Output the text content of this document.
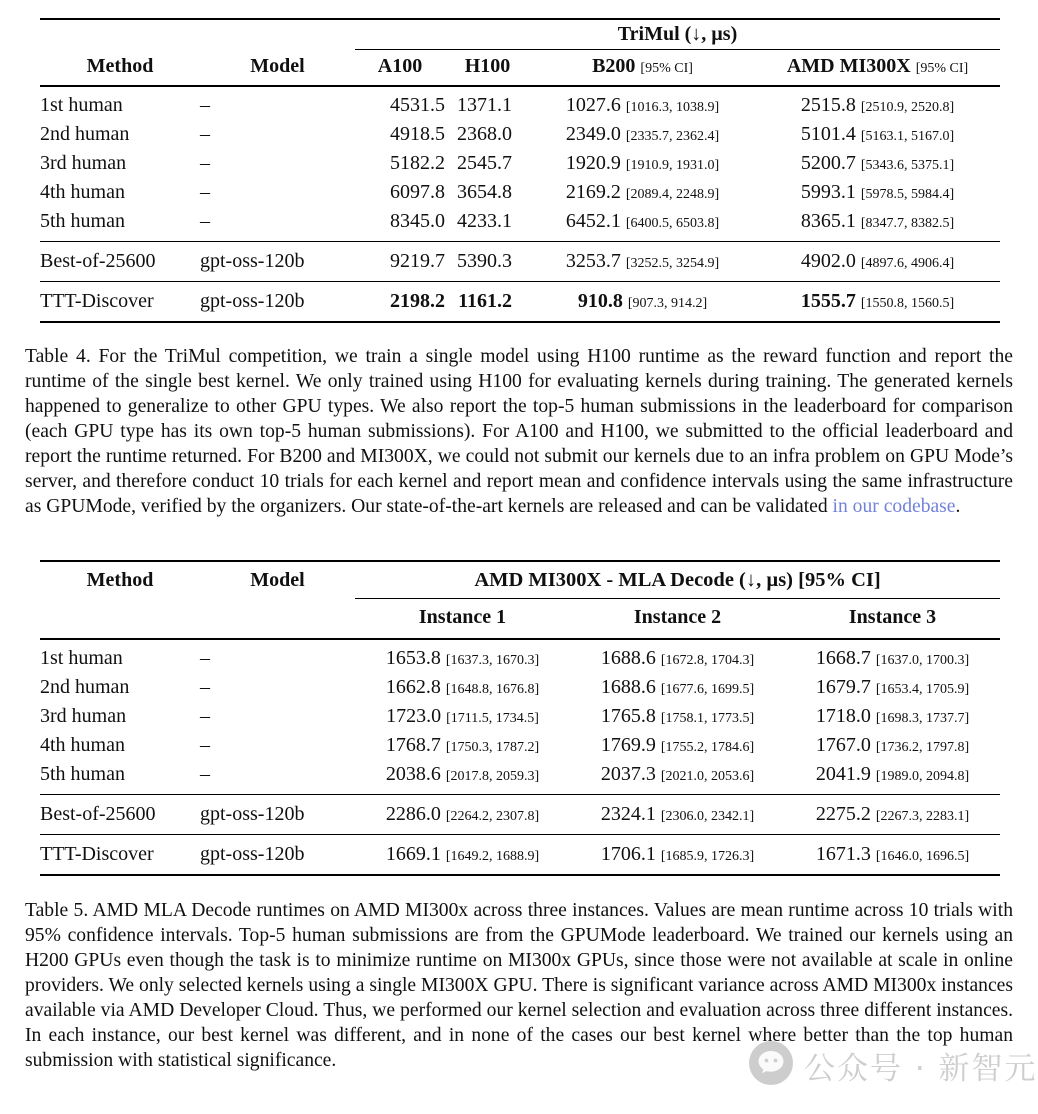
		TriMul (↓, µs)			
Method	Model	A100	H100	B200 [95% CI]	AMD MI300X [95% CI]
1st human	–	4531.5	1371.1	1027.6 [1016.3, 1038.9]	2515.8 [2510.9, 2520.8]
2nd human	–	4918.5	2368.0	2349.0 [2335.7, 2362.4]	5101.4 [5163.1, 5167.0]
3rd human	–	5182.2	2545.7	1920.9 [1910.9, 1931.0]	5200.7 [5343.6, 5375.1]
4th human	–	6097.8	3654.8	2169.2 [2089.4, 2248.9]	5993.1 [5978.5, 5984.4]
5th human	–	8345.0	4233.1	6452.1 [6400.5, 6503.8]	8365.1 [8347.7, 8382.5]
Best-of-25600	gpt-oss-120b	9219.7	5390.3	3253.7 [3252.5, 3254.9]	4902.0 [4897.6, 4906.4]
TTT-Discover	gpt-oss-120b	2198.2	1161.2	910.8 [907.3, 914.2]	1555.7 [1550.8, 1560.5]

Table 4. For the TriMul competition, we train a single model using H100 runtime as the reward function and report the runtime of the single best kernel. We only trained using H100 for evaluating kernels during training. The generated kernels happened to generalize to other GPU types. We also report the top-5 human submissions in the leaderboard for comparison (each GPU type has its own top-5 human submissions). For A100 and H100, we submitted to the official leaderboard and report the runtime returned. For B200 and MI300X, we could not submit our kernels due to an infra problem on GPU Mode’s server, and therefore conduct 10 trials for each kernel and report mean and confidence intervals using the same infrastructure as GPUMode, verified by the organizers. Our state-of-the-art kernels are released and can be validated in our codebase.

Method	Model	AMD MI300X - MLA Decode (↓, µs) [95% CI]		
		Instance 1	Instance 2	Instance 3
1st human	–	1653.8 [1637.3, 1670.3]	1688.6 [1672.8, 1704.3]	1668.7 [1637.0, 1700.3]
2nd human	–	1662.8 [1648.8, 1676.8]	1688.6 [1677.6, 1699.5]	1679.7 [1653.4, 1705.9]
3rd human	–	1723.0 [1711.5, 1734.5]	1765.8 [1758.1, 1773.5]	1718.0 [1698.3, 1737.7]
4th human	–	1768.7 [1750.3, 1787.2]	1769.9 [1755.2, 1784.6]	1767.0 [1736.2, 1797.8]
5th human	–	2038.6 [2017.8, 2059.3]	2037.3 [2021.0, 2053.6]	2041.9 [1989.0, 2094.8]
Best-of-25600	gpt-oss-120b	2286.0 [2264.2, 2307.8]	2324.1 [2306.0, 2342.1]	2275.2 [2267.3, 2283.1]
TTT-Discover	gpt-oss-120b	1669.1 [1649.2, 1688.9]	1706.1 [1685.9, 1726.3]	1671.3 [1646.0, 1696.5]

Table 5. AMD MLA Decode runtimes on AMD MI300x across three instances. Values are mean runtime across 10 trials with 95% confidence intervals. Top-5 human submissions are from the GPUMode leaderboard. We trained our kernels using an H200 GPUs even though the task is to minimize runtime on MI300x GPUs, since those were not available at scale in online providers. We only selected kernels using a single MI300X GPU. There is significant variance across AMD MI300x instances available via AMD Developer Cloud. Thus, we performed our kernel selection and evaluation across three different instances. In each instance, our best kernel was different, and in none of the cases our best kernel where better than the top human submission with statistical significance.	公众号 · 新智元
